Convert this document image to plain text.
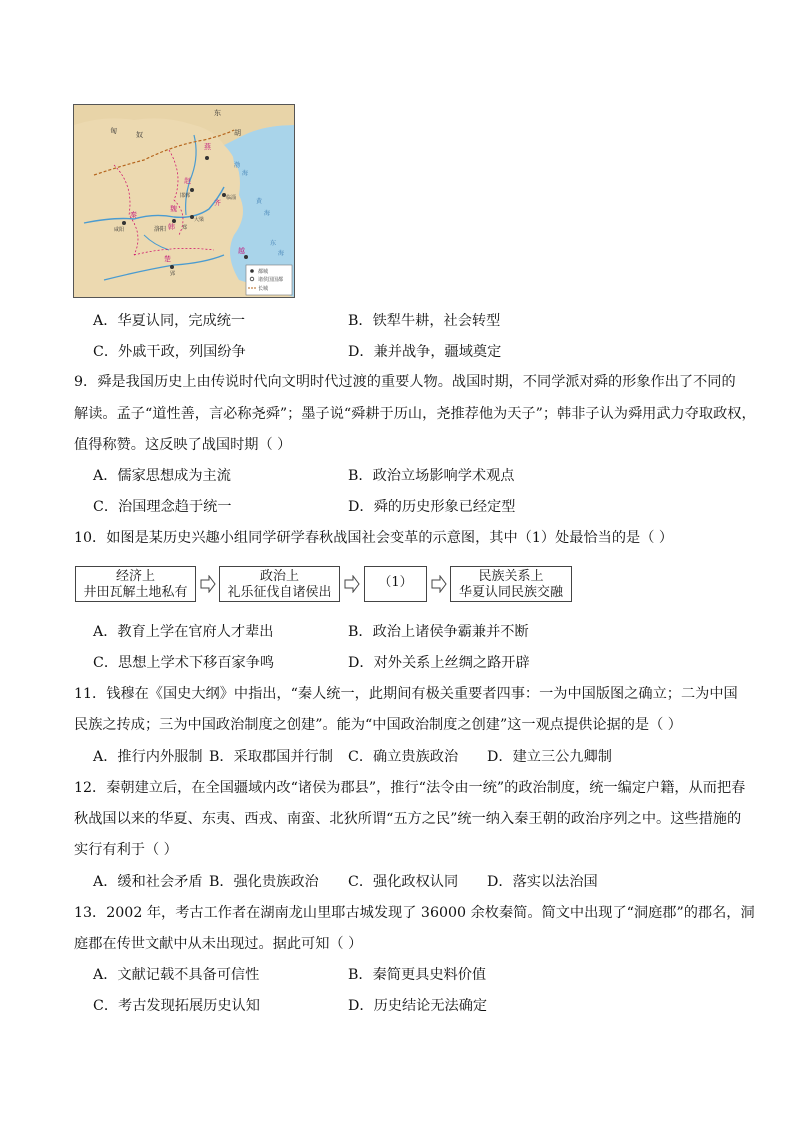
东
匈	奴	胡
燕
赵
邯郸	临淄
齐
魏
大梁
韩 郑
秦
咸阳	洛阳
楚
郢
越
渤
海
黄
海
东
海
都城
诸侯国国都
长城
A．华夏认同，完成统一	B．铁犁牛耕，社会转型
C．外戚干政，列国纷争	D．兼并战争，疆域奠定
9．舜是我国历史上由传说时代向文明时代过渡的重要人物。战国时期，不同学派对舜的形象作出了不同的
解读。孟子“道性善，言必称尧舜”；墨子说“舜耕于历山，尧推荐他为天子”；韩非子认为舜用武力夺取政权，
值得称赞。这反映了战国时期（ ）
A．儒家思想成为主流	B．政治立场影响学术观点
C．治国理念趋于统一	D．舜的历史形象已经定型
10．如图是某历史兴趣小组同学研学春秋战国社会变革的示意图，其中（1）处最恰当的是（ ）
经济上
井田瓦解土地私有
政治上
礼乐征伐自诸侯出
（1）	民族关系上
华夏认同民族交融
A．教育上学在官府人才辈出	B．政治上诸侯争霸兼并不断
C．思想上学术下移百家争鸣	D．对外关系上丝绸之路开辟
11．钱穆在《国史大纲》中指出，“秦人统一，此期间有极关重要者四事：一为中国版图之确立；二为中国
民族之抟成；三为中国政治制度之创建”。能为“中国政治制度之创建”这一观点提供论据的是（ ）
A．推行内外服制 B．采取郡国并行制 C．确立贵族政治 D．建立三公九卿制
12．秦朝建立后，在全国疆域内改“诸侯为郡县”，推行“法令由一统”的政治制度，统一编定户籍，从而把春
秋战国以来的华夏、东夷、西戎、南蛮、北狄所谓“五方之民”统一纳入秦王朝的政治序列之中。这些措施的
实行有利于（ ）
A．缓和社会矛盾 B．强化贵族政治 C．强化政权认同 D．落实以法治国
13．2002 年，考古工作者在湖南龙山里耶古城发现了 36000 余枚秦简。简文中出现了“洞庭郡”的郡名，洞
庭郡在传世文献中从未出现过。据此可知（ ）
A．文献记载不具备可信性	B．秦简更具史料价值
C．考古发现拓展历史认知	D．历史结论无法确定
